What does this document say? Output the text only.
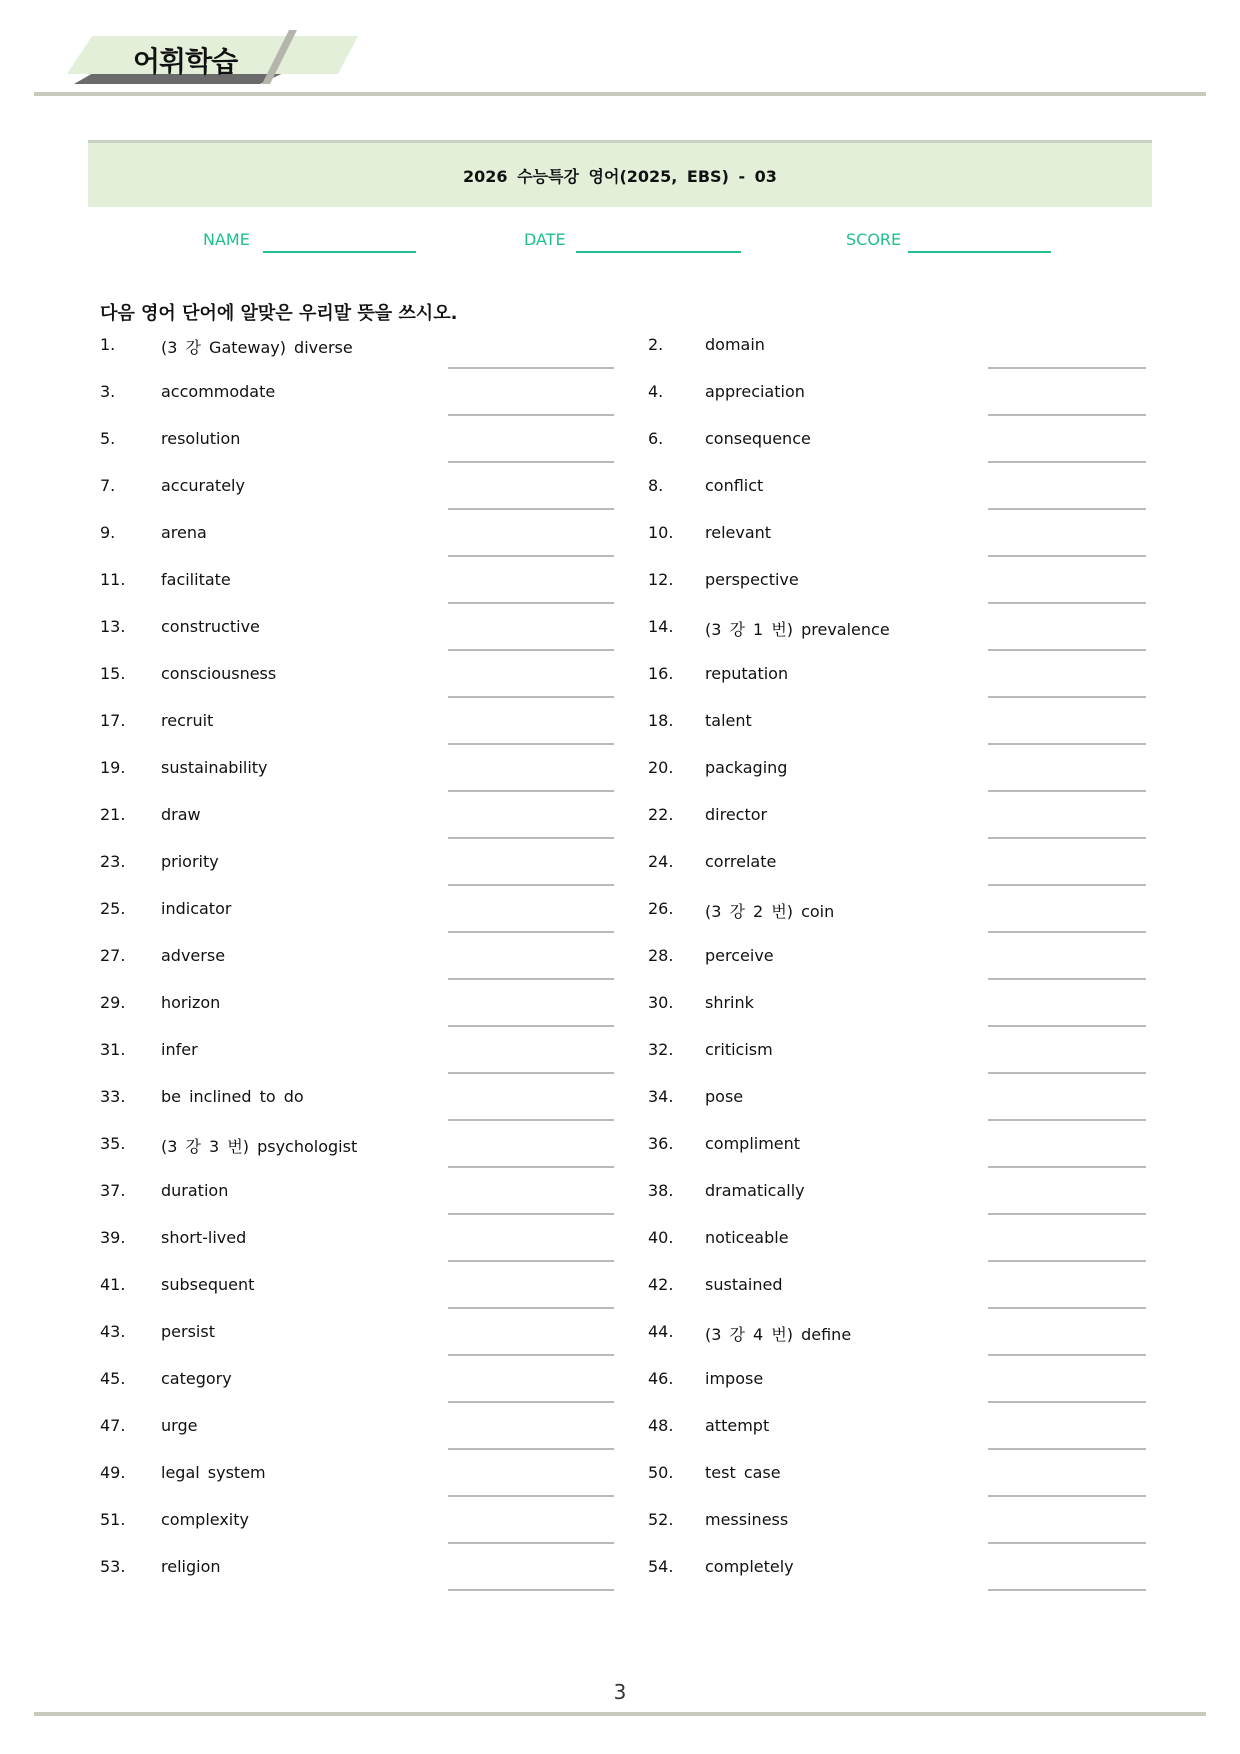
어휘학습
2026 수능특강 영어(2025, EBS) - 03
NAME	DATE	SCORE
다음 영어 단어에 알맞은 우리말 뜻을 쓰시오.
1.	(3 강 Gateway) diverse	2.	domain
3.	accommodate	4.	appreciation
5.	resolution	6.	consequence
7.	accurately	8.	conflict
9.	arena	10. relevant
11. facilitate	12. perspective
13. constructive	14. (3 강 1 번) prevalence
15. consciousness	16. reputation
17. recruit	18. talent
19. sustainability	20. packaging
21. draw	22. director
23. priority	24. correlate
25. indicator	26. (3 강 2 번) coin
27. adverse	28. perceive
29. horizon	30. shrink
31. infer	32. criticism
33. be inclined to do	34. pose
35. (3 강 3 번) psychologist	36. compliment
37. duration	38. dramatically
39. short-lived	40. noticeable
41. subsequent	42. sustained
43. persist	44. (3 강 4 번) define
45. category	46. impose
47. urge	48. attempt
49. legal system	50. test case
51. complexity	52. messiness
53. religion	54. completely
3
